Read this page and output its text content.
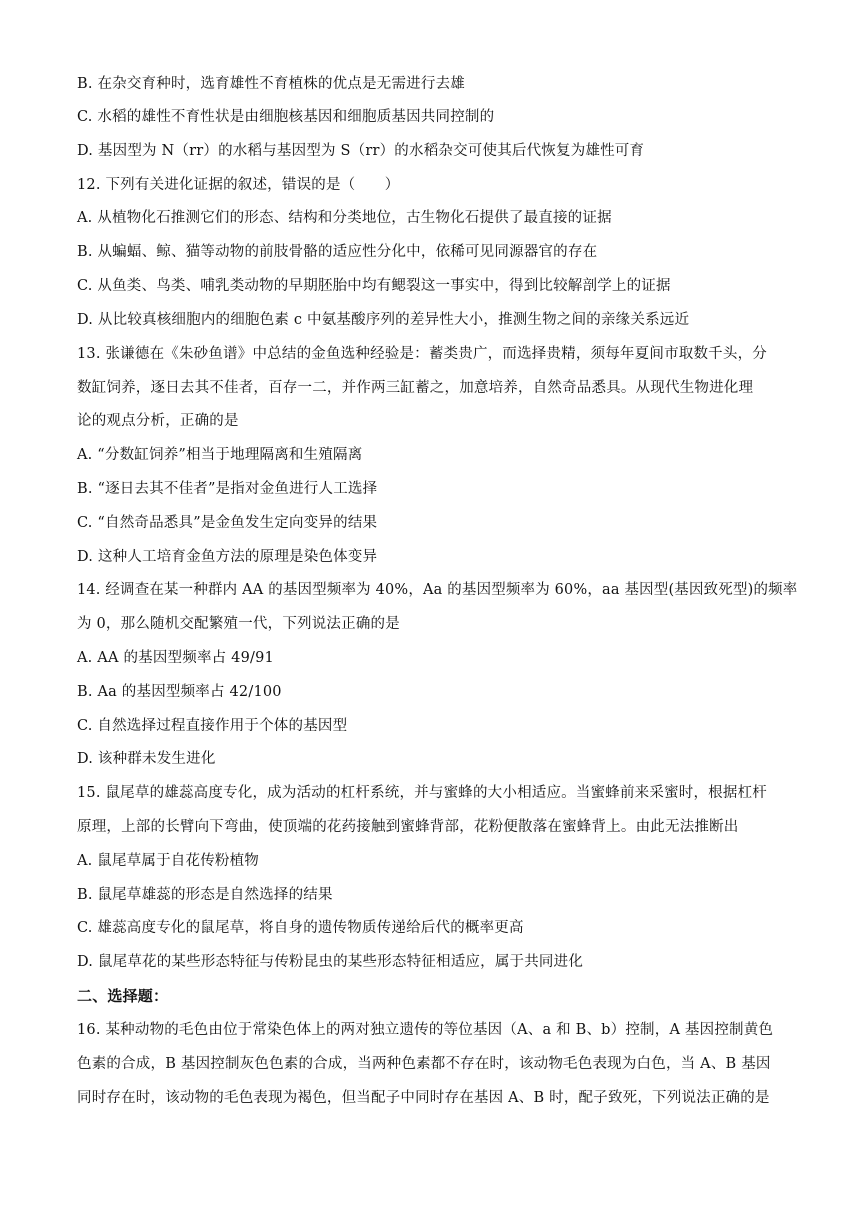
B. 在杂交育种时，选育雄性不育植株的优点是无需进行去雄
C. 水稻的雄性不育性状是由细胞核基因和细胞质基因共同控制的
D. 基因型为 N（rr）的水稻与基因型为 S（rr）的水稻杂交可使其后代恢复为雄性可育
12. 下列有关进化证据的叙述，错误的是（　　）
A. 从植物化石推测它们的形态、结构和分类地位，古生物化石提供了最直接的证据
B. 从蝙蝠、鲸、猫等动物的前肢骨骼的适应性分化中，依稀可见同源器官的存在
C. 从鱼类、鸟类、哺乳类动物的早期胚胎中均有鳃裂这一事实中，得到比较解剖学上的证据
D. 从比较真核细胞内的细胞色素 c 中氨基酸序列的差异性大小，推测生物之间的亲缘关系远近
13. 张谦德在《朱砂鱼谱》中总结的金鱼选种经验是：蓄类贵广，而选择贵精，须每年夏间市取数千头，分
数缸饲养，逐日去其不佳者，百存一二，并作两三缸蓄之，加意培养，自然奇品悉具。从现代生物进化理
论的观点分析，正确的是
A. “分数缸饲养”相当于地理隔离和生殖隔离
B. “逐日去其不佳者”是指对金鱼进行人工选择
C. “自然奇品悉具”是金鱼发生定向变异的结果
D. 这种人工培育金鱼方法的原理是染色体变异
14. 经调查在某一种群内 AA 的基因型频率为 40%，Aa 的基因型频率为 60%，aa 基因型(基因致死型)的频率
为 0，那么随机交配繁殖一代，下列说法正确的是
A. AA 的基因型频率占 49/91
B. Aa 的基因型频率占 42/100
C. 自然选择过程直接作用于个体的基因型
D. 该种群未发生进化
15. 鼠尾草的雄蕊高度专化，成为活动的杠杆系统，并与蜜蜂的大小相适应。当蜜蜂前来采蜜时，根据杠杆
原理，上部的长臂向下弯曲，使顶端的花药接触到蜜蜂背部，花粉便散落在蜜蜂背上。由此无法推断出
A. 鼠尾草属于自花传粉植物
B. 鼠尾草雄蕊的形态是自然选择的结果
C. 雄蕊高度专化的鼠尾草，将自身的遗传物质传递给后代的概率更高
D. 鼠尾草花的某些形态特征与传粉昆虫的某些形态特征相适应，属于共同进化
二、选择题：
16. 某种动物的毛色由位于常染色体上的两对独立遗传的等位基因（A、a 和 B、b）控制，A 基因控制黄色
色素的合成，B 基因控制灰色色素的合成，当两种色素都不存在时，该动物毛色表现为白色，当 A、B 基因
同时存在时，该动物的毛色表现为褐色，但当配子中同时存在基因 A、B 时，配子致死，下列说法正确的是
